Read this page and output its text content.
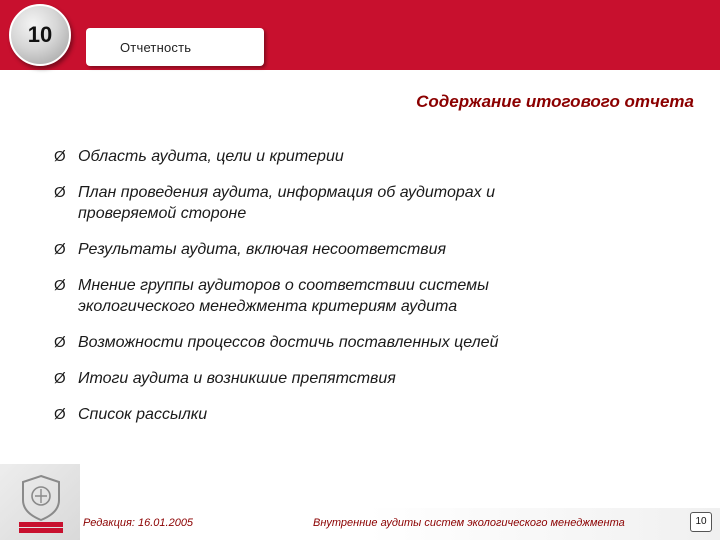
Отчетность
10
Содержание итогового отчета
Ø Область аудита, цели и критерии
Ø План проведения аудита, информация об аудиторах и
проверяемой стороне
Ø Результаты аудита, включая несоответствия
Ø Мнение группы аудиторов о соответствии системы
экологического менеджмента критериям аудита
Ø Возможности процессов достичь поставленных целей
Ø Итоги аудита и возникшие препятствия
Ø Список рассылки
Редакция: 16.01.2005	Внутренние аудиты систем экологического менеджмента	10
